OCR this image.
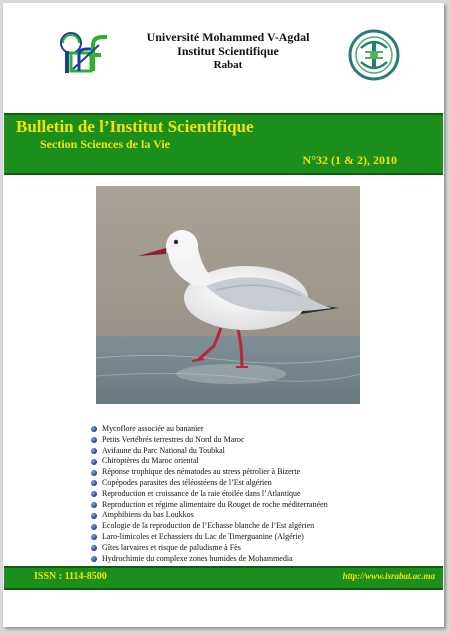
Université Mohammed V-Agdal
Institut Scientifique
Rabat
Bulletin de l’Institut Scientifique
Section Sciences de la Vie
N°32 (1 & 2), 2010
Mycoflore associée au bananier
Petits Vertébrés terrestres du Nord du Maroc
Avifaune du Parc National du Toubkal
Chiroptères du Maroc oriental
Réponse trophique des nématodes au stress pétrolier à Bizerte
Copépodes parasites des téléostéens de l’Est algérien
Reproduction et croissance de la raie étoilée dans l’Atlantique
Reproduction et régime alimentaire du Rouget de roche méditerranéen
Amphibiens du bas Loukkos
Ecologie de la reproduction de l’Echasse blanche de l’Est algérien
Laro-limicoles et Echassiers du Lac de Timerguanine (Algérie)
Gîtes larvaires et risque de paludisme à Fès
Hydrochimie du complexe zones humides de Mohammedia
ISSN : 1114-8500	http://www.israbat.ac.ma
